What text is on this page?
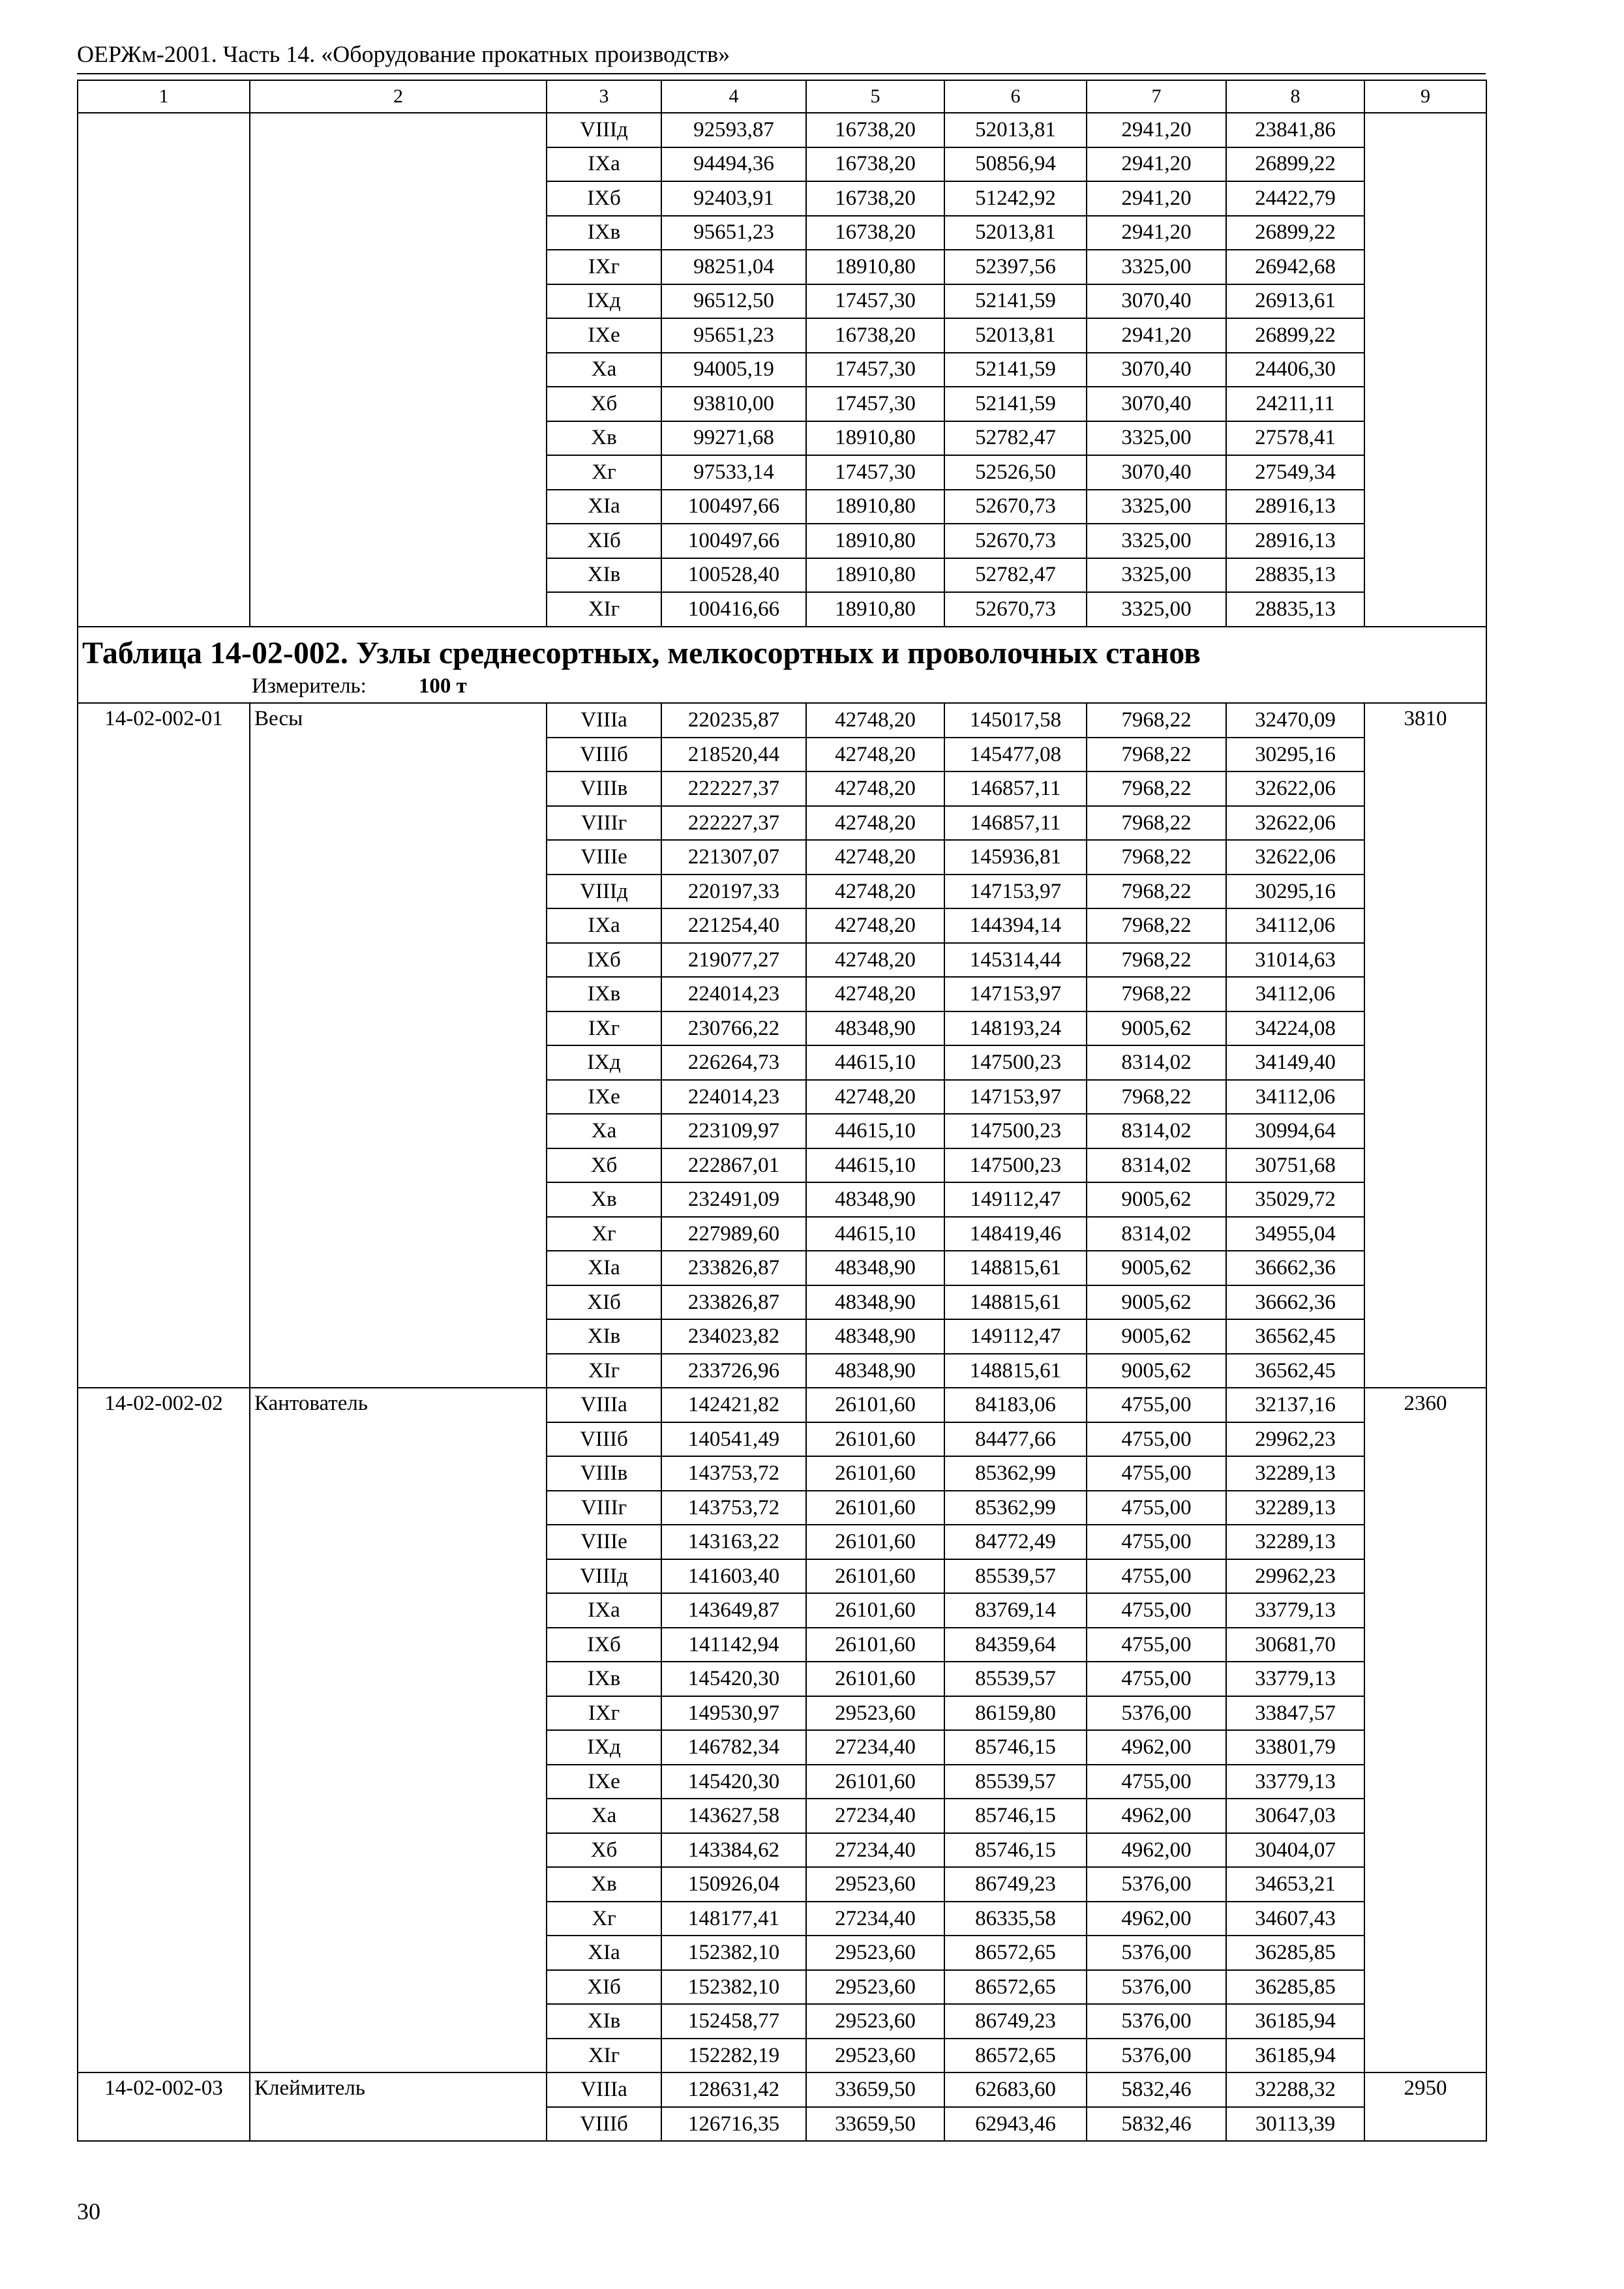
ОЕРЖм-2001. Часть 14. «Оборудование прокатных производств»
1	2	3	4	5	6	7	8	9
		VIIIд	92593,87	16738,20	52013,81	2941,20	23841,86	
		IXа	94494,36	16738,20	50856,94	2941,20	26899,22	
		IXб	92403,91	16738,20	51242,92	2941,20	24422,79	
		IXв	95651,23	16738,20	52013,81	2941,20	26899,22	
		IXг	98251,04	18910,80	52397,56	3325,00	26942,68	
		IXд	96512,50	17457,30	52141,59	3070,40	26913,61	
		IXе	95651,23	16738,20	52013,81	2941,20	26899,22	
		Xа	94005,19	17457,30	52141,59	3070,40	24406,30	
		Xб	93810,00	17457,30	52141,59	3070,40	24211,11	
		Xв	99271,68	18910,80	52782,47	3325,00	27578,41	
		Xг	97533,14	17457,30	52526,50	3070,40	27549,34	
		XIа	100497,66	18910,80	52670,73	3325,00	28916,13	
		XIб	100497,66	18910,80	52670,73	3325,00	28916,13	
		XIв	100528,40	18910,80	52782,47	3325,00	28835,13	
		XIг	100416,66	18910,80	52670,73	3325,00	28835,13	

Таблица 14-02-002. Узлы среднесортных, мелкосортных и проволочных станов
Измеритель: 100 т								

14-02-002-01	Весы	VIIIа	220235,87	42748,20	145017,58	7968,22	32470,09	3810
		VIIIб	218520,44	42748,20	145477,08	7968,22	30295,16	
		VIIIв	222227,37	42748,20	146857,11	7968,22	32622,06	
		VIIIг	222227,37	42748,20	146857,11	7968,22	32622,06	
		VIIIе	221307,07	42748,20	145936,81	7968,22	32622,06	
		VIIIд	220197,33	42748,20	147153,97	7968,22	30295,16	
		IXа	221254,40	42748,20	144394,14	7968,22	34112,06	
		IXб	219077,27	42748,20	145314,44	7968,22	31014,63	
		IXв	224014,23	42748,20	147153,97	7968,22	34112,06	
		IXг	230766,22	48348,90	148193,24	9005,62	34224,08	
		IXд	226264,73	44615,10	147500,23	8314,02	34149,40	
		IXе	224014,23	42748,20	147153,97	7968,22	34112,06	
		Xа	223109,97	44615,10	147500,23	8314,02	30994,64	
		Xб	222867,01	44615,10	147500,23	8314,02	30751,68	
		Xв	232491,09	48348,90	149112,47	9005,62	35029,72	
		Xг	227989,60	44615,10	148419,46	8314,02	34955,04	
		XIа	233826,87	48348,90	148815,61	9005,62	36662,36	
		XIб	233826,87	48348,90	148815,61	9005,62	36662,36	
		XIв	234023,82	48348,90	149112,47	9005,62	36562,45	
		XIг	233726,96	48348,90	148815,61	9005,62	36562,45	
14-02-002-02	Кантователь	VIIIа	142421,82	26101,60	84183,06	4755,00	32137,16	2360
		VIIIб	140541,49	26101,60	84477,66	4755,00	29962,23	
		VIIIв	143753,72	26101,60	85362,99	4755,00	32289,13	
		VIIIг	143753,72	26101,60	85362,99	4755,00	32289,13	
		VIIIе	143163,22	26101,60	84772,49	4755,00	32289,13	
		VIIIд	141603,40	26101,60	85539,57	4755,00	29962,23	
		IXа	143649,87	26101,60	83769,14	4755,00	33779,13	
		IXб	141142,94	26101,60	84359,64	4755,00	30681,70	
		IXв	145420,30	26101,60	85539,57	4755,00	33779,13	
		IXг	149530,97	29523,60	86159,80	5376,00	33847,57	
		IXд	146782,34	27234,40	85746,15	4962,00	33801,79	
		IXе	145420,30	26101,60	85539,57	4755,00	33779,13	
		Xа	143627,58	27234,40	85746,15	4962,00	30647,03	
		Xб	143384,62	27234,40	85746,15	4962,00	30404,07	
		Xв	150926,04	29523,60	86749,23	5376,00	34653,21	
		Xг	148177,41	27234,40	86335,58	4962,00	34607,43	
		XIа	152382,10	29523,60	86572,65	5376,00	36285,85	
		XIб	152382,10	29523,60	86572,65	5376,00	36285,85	
		XIв	152458,77	29523,60	86749,23	5376,00	36185,94	
		XIг	152282,19	29523,60	86572,65	5376,00	36185,94	
14-02-002-03	Клеймитель	VIIIа	128631,42	33659,50	62683,60	5832,46	32288,32	2950
		VIIIб	126716,35	33659,50	62943,46	5832,46	30113,39	
30
